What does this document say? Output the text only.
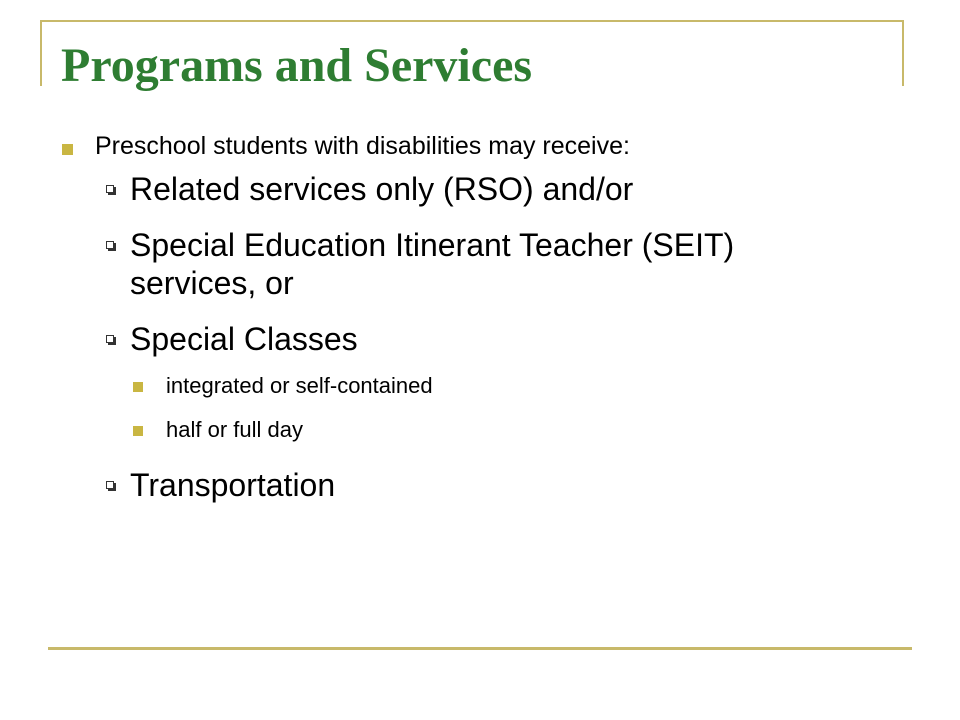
Programs and Services
Preschool students with disabilities may receive:
Related services only (RSO) and/or
Special Education Itinerant Teacher (SEIT) services, or
Special Classes
integrated or self-contained
half or full day
Transportation
